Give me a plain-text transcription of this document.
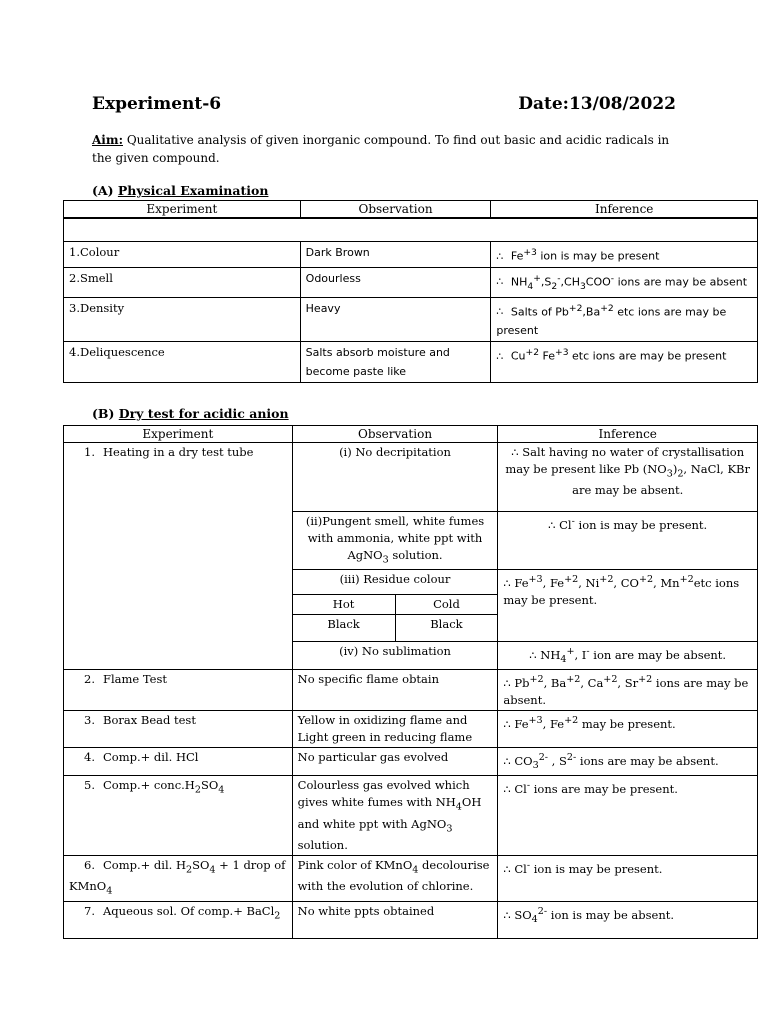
Experiment-6	Date:13/08/2022
Aim: Qualitative analysis of given inorganic compound. To find out basic and acidic radicals in the given compound.
(A) Physical Examination
Experiment	Observation	Inference

1.Colour	Dark Brown	∴ $Fe^{+3}$ ion is may be present
2.Smell	Odourless	∴ $NH_4^+,S_2^-,CH_3COO^-$ ions are may be absent
3.Density	Heavy	∴ Salts of $Pb^{+2},Ba^{+2}$ etc ions are may be present
4.Deliquescence	Salts absorb moisture and become paste like	∴ $Cu^{+2}$ $Fe^{+3}$ etc ions are may be present
(B) Dry test for acidic anion
Experiment	Observation	Inference
1. Heating in a dry test tube	(i) No decripitation	∴ Salt having no water of crystallisation may be present like Pb $(NO_3)_2$, NaCl, KBr are may be absent.
(ii)Pungent smell, white fumes with ammonia, white ppt with AgNO$_3$ solution.	∴ Cl- ion is may be present.

(iii) Residue colour
Hot	Cold
Black	Black
	∴ $Fe^{+3}$, $Fe^{+2}$, $Ni^{+2}$, $CO^{+2}$, $Mn^{+2}etc$ ions may be present.
(iv) No sublimation	∴ $NH_4^+$, I- ion are may be absent.
2. Flame Test	No specific flame obtain	∴ $Pb^{+2}$, $Ba^{+2}$, $Ca^{+2}$, $Sr^{+2}$ ions are may be absent.
3. Borax Bead test	Yellow in oxidizing flame and Light green in reducing flame	∴ $Fe^{+3}$, $Fe^{+2}$ may be present.
4. Comp.+ dil. HCl	No particular gas evolved	∴ $CO_3^{2-}$ , $S^{2-}$ ions are may be absent.
5. Comp.+ $conc.H_2SO_4$	Colourless gas evolved which gives white fumes with $NH_4OH$ and white ppt with AgNO$_3$ solution.	∴ Cl- ions are may be present.
6. Comp.+ dil. $H_2SO_4 + 1$ drop of KMnO$_4$	Pink color of KMnO$_4$ decolourise with the evolution of chlorine.	∴ Cl- ion is may be present.
7. Aqueous sol. Of comp.+ BaCl$_2$	No white ppts obtained	∴ $SO_4^{2-}$ ion is may be absent.
